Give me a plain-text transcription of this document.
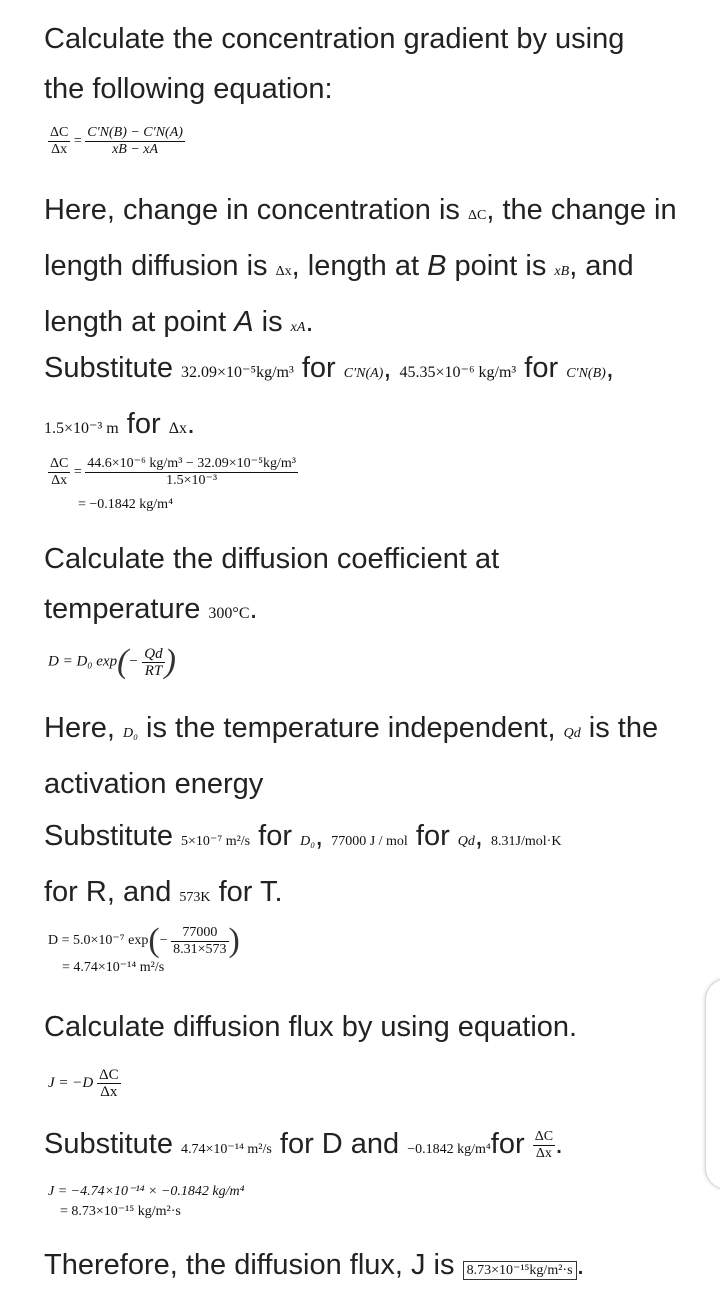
Calculate the concentration gradient by using

the following equation:

$\frac{\Delta C}{\Delta x} = \frac{C'N(B) - C'N(A)}{xB - xA}$
Here, change in concentration is ΔC, the change in length diffusion is Δx, length at B point is xB, and length at point A is xA.
Substitute 32.09×10⁻⁵kg/m³ for C′N(A), 45.35×10⁻⁶ kg/m³ for C′N(B),
1.5×10⁻³ m for Δx.
$\frac{\Delta C}{\Delta x} = \frac{\text{44.6×10⁻⁶ kg/m³ − 32.09×10⁻⁵kg/m³}}{\text{1.5×10⁻³}}$
= −0.1842 kg/m⁴

Calculate the diffusion coefficient at

temperature 300°C.

D = D₀ $\exp(- \frac{Qd}{RT}$ )
Here, D₀ is the temperature independent, Qd is the activation energy
Substitute 5×10⁻⁷ m²/s for D₀, 77000 J / mol for Qd, 8.31J/mol·K
for R, and 573K for T.
D = 5.0×10⁻⁷ $\exp(- \frac{77000}{8.31\times 573}$ )
= 4.74×10⁻¹⁴ m²/s

Calculate diffusion flux by using equation.

$J = -D \frac{\Delta C}{\Delta x}$
Substitute 4.74×10⁻¹⁴ m²/s for D and −0.1842 $kg/m^4for \frac{\Delta C}{\Delta x}$ .
J = −4.74×10⁻¹⁴ × −0.1842 kg/m⁴
= 8.73×10⁻¹⁵ kg/m²·s
Therefore, the diffusion flux, J is 8.73×10⁻¹⁵kg/m²·s .
